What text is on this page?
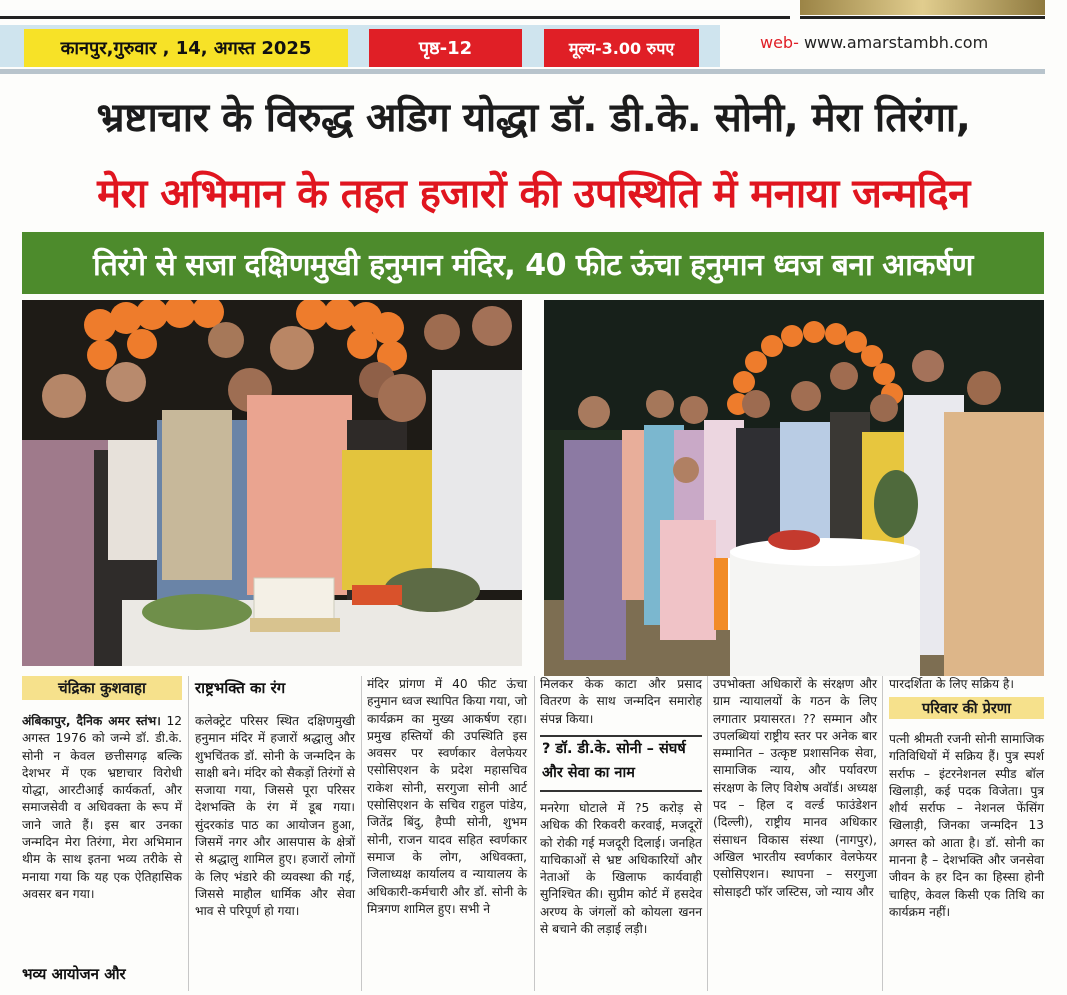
कानपुर,गुरुवार , 14, अगस्त 2025	पृष्ठ-12	मूल्य-3.00 रुपए	web- www.amarstambh.com
भ्रष्टाचार के विरुद्ध अडिग योद्धा डॉ. डी.के. सोनी, मेरा तिरंगा,
मेरा अभिमान के तहत हजारों की उपस्थिति में मनाया जन्मदिन
तिरंगे से सजा दक्षिणमुखी हनुमान मंदिर, 40 फीट ऊंचा हनुमान ध्वज बना आकर्षण
चंद्रिका कुशवाहा
अंबिकापुर, दैनिक अमर स्तंभ। 12 अगस्त 1976 को जन्मे डॉ. डी.के. सोनी न केवल छत्तीसगढ़ बल्कि देशभर में एक भ्रष्टाचार विरोधी योद्धा, आरटीआई कार्यकर्ता, और समाजसेवी व अधिवक्ता के रूप में जाने जाते हैं। इस बार उनका जन्मदिन मेरा तिरंगा, मेरा अभिमान थीम के साथ इतना भव्य तरीके से मनाया गया कि यह एक ऐतिहासिक अवसर बन गया।
भव्य आयोजन और
राष्ट्रभक्ति का रंग
कलेक्ट्रेट परिसर स्थित दक्षिणमुखी हनुमान मंदिर में हजारों श्रद्धालु और शुभचिंतक डॉ. सोनी के जन्मदिन के साक्षी बने। मंदिर को सैकड़ों तिरंगों से सजाया गया, जिससे पूरा परिसर देशभक्ति के रंग में डूब गया। सुंदरकांड पाठ का आयोजन हुआ, जिसमें नगर और आसपास के क्षेत्रों से श्रद्धालु शामिल हुए। हजारों लोगों के लिए भंडारे की व्यवस्था की गई, जिससे माहौल धार्मिक और सेवा भाव से परिपूर्ण हो गया।
मंदिर प्रांगण में 40 फीट ऊंचा हनुमान ध्वज स्थापित किया गया, जो कार्यक्रम का मुख्य आकर्षण रहा। प्रमुख हस्तियों की उपस्थिति इस अवसर पर स्वर्णकार वेलफेयर एसोसिएशन के प्रदेश महासचिव राकेश सोनी, सरगुजा सोनी आर्ट एसोसिएशन के सचिव राहुल पांडेय, जितेंद्र बिंदु, हैप्पी सोनी, शुभम सोनी, राजन यादव सहित स्वर्णकार समाज के लोग, अधिवक्ता, जिलाध्यक्ष कार्यालय व न्यायालय के अधिकारी-कर्मचारी और डॉ. सोनी के मित्रगण शामिल हुए। सभी ने
मिलकर केक काटा और प्रसाद वितरण के साथ जन्मदिन समारोह संपन्न किया।
? डॉ. डी.के. सोनी – संघर्ष और सेवा का नाम
मनरेगा घोटाले में ?5 करोड़ से अधिक की रिकवरी करवाई, मजदूरों को रोकी गई मजदूरी दिलाई। जनहित याचिकाओं से भ्रष्ट अधिकारियों और नेताओं के खिलाफ कार्यवाही सुनिश्चित की। सुप्रीम कोर्ट में हसदेव अरण्य के जंगलों को कोयला खनन से बचाने की लड़ाई लड़ी।
उपभोक्ता अधिकारों के संरक्षण और ग्राम न्यायालयों के गठन के लिए लगातार प्रयासरत। ?? सम्मान और उपलब्धियां राष्ट्रीय स्तर पर अनेक बार सम्मानित – उत्कृष्ट प्रशासनिक सेवा, सामाजिक न्याय, और पर्यावरण संरक्षण के लिए विशेष अवॉर्ड। अध्यक्ष पद – हिल द वर्ल्ड फाउंडेशन (दिल्ली), राष्ट्रीय मानव अधिकार संसाधन विकास संस्था (नागपुर), अखिल भारतीय स्वर्णकार वेलफेयर एसोसिएशन। स्थापना – सरगुजा सोसाइटी फॉर जस्टिस, जो न्याय और
पारदर्शिता के लिए सक्रिय है।
परिवार की प्रेरणा
पत्नी श्रीमती रजनी सोनी सामाजिक गतिविधियों में सक्रिय हैं। पुत्र स्पर्श सर्राफ – इंटरनेशनल स्पीड बॉल खिलाड़ी, कई पदक विजेता। पुत्र शौर्य सर्राफ – नेशनल फेंसिंग खिलाड़ी, जिनका जन्मदिन 13 अगस्त को आता है। डॉ. सोनी का मानना है – देशभक्ति और जनसेवा जीवन के हर दिन का हिस्सा होनी चाहिए, केवल किसी एक तिथि का कार्यक्रम नहीं।
